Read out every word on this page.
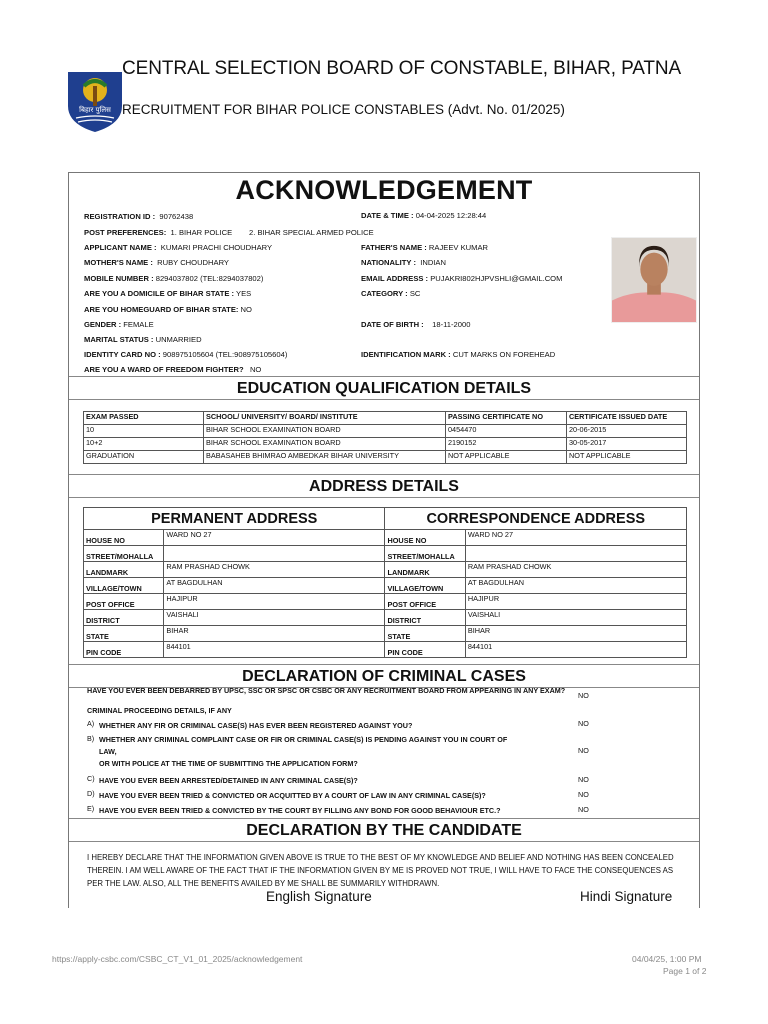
बिहार पुलिस
CENTRAL SELECTION BOARD OF CONSTABLE, BIHAR, PATNA
RECRUITMENT FOR BIHAR POLICE CONSTABLES (Advt. No. 01/2025)
ACKNOWLEDGEMENT
REGISTRATION ID : 90762438	DATE & TIME : 04-04-2025 12:28:44
POST PREFERENCES: 1. BIHAR POLICE 2. BIHAR SPECIAL ARMED POLICE
APPLICANT NAME : KUMARI PRACHI CHOUDHARY	FATHER'S NAME : RAJEEV KUMAR
MOTHER'S NAME : RUBY CHOUDHARY	NATIONALITY : INDIAN
MOBILE NUMBER : 8294037802 (TEL:8294037802)	EMAIL ADDRESS : PUJAKRI802HJPVSHLI@GMAIL.COM
ARE YOU A DOMICILE OF BIHAR STATE : YES	CATEGORY : SC
ARE YOU HOMEGUARD OF BIHAR STATE: NO
GENDER : FEMALE	DATE OF BIRTH : 18-11-2000
MARITAL STATUS : UNMARRIED
IDENTITY CARD NO : 908975105604 (TEL:908975105604)	IDENTIFICATION MARK : CUT MARKS ON FOREHEAD
ARE YOU A WARD OF FREEDOM FIGHTER? NO
EDUCATION QUALIFICATION DETAILS
EXAM PASSED	SCHOOL/ UNIVERSITY/ BOARD/ INSTITUTE	PASSING CERTIFICATE NO	CERTIFICATE ISSUED DATE
10	BIHAR SCHOOL EXAMINATION BOARD	0454470	20-06-2015
10+2	BIHAR SCHOOL EXAMINATION BOARD	2190152	30-05-2017
GRADUATION	BABASAHEB BHIMRAO AMBEDKAR BIHAR UNIVERSITY	NOT APPLICABLE	NOT APPLICABLE
ADDRESS DETAILS
PERMANENT ADDRESS		CORRESPONDENCE ADDRESS	
HOUSE NO	WARD NO 27	HOUSE NO	WARD NO 27
STREET/MOHALLA		STREET/MOHALLA	
LANDMARK	RAM PRASHAD CHOWK	LANDMARK	RAM PRASHAD CHOWK
VILLAGE/TOWN	AT BAGDULHAN	VILLAGE/TOWN	AT BAGDULHAN
POST OFFICE	HAJIPUR	POST OFFICE	HAJIPUR
DISTRICT	VAISHALI	DISTRICT	VAISHALI
STATE	BIHAR	STATE	BIHAR
PIN CODE	844101	PIN CODE	844101
DECLARATION OF CRIMINAL CASES
HAVE YOU EVER BEEN DEBARRED BY UPSC, SSC OR SPSC OR CSBC OR ANY RECRUITMENT BOARD FROM APPEARING IN ANY EXAM?
NO
CRIMINAL PROCEEDING DETAILS, IF ANY
A) WHETHER ANY FIR OR CRIMINAL CASE(S) HAS EVER BEEN REGISTERED AGAINST YOU?	NO
B) WHETHER ANY CRIMINAL COMPLAINT CASE OR FIR OR CRIMINAL CASE(S) IS PENDING AGAINST YOU IN COURT OF
LAW,
OR WITH POLICE AT THE TIME OF SUBMITTING THE APPLICATION FORM?
NO
C) HAVE YOU EVER BEEN ARRESTED/DETAINED IN ANY CRIMINAL CASE(S)?	NO
D) HAVE YOU EVER BEEN TRIED & CONVICTED OR ACQUITTED BY A COURT OF LAW IN ANY CRIMINAL CASE(S)?	NO
E) HAVE YOU EVER BEEN TRIED & CONVICTED BY THE COURT BY FILLING ANY BOND FOR GOOD BEHAVIOUR ETC.?	NO
DECLARATION BY THE CANDIDATE
I HEREBY DECLARE THAT THE INFORMATION GIVEN ABOVE IS TRUE TO THE BEST OF MY KNOWLEDGE AND BELIEF AND NOTHING HAS BEEN CONCEALED THEREIN. I AM WELL AWARE OF THE FACT THAT IF THE INFORMATION GIVEN BY ME IS PROVED NOT TRUE, I WILL HAVE TO FACE THE CONSEQUENCES AS PER THE LAW. ALSO, ALL THE BENEFITS AVAILED BY ME SHALL BE SUMMARILY WITHDRAWN.
English Signature	Hindi Signature
https://apply-csbc.com/CSBC_CT_V1_01_2025/acknowledgement	04/04/25, 1:00 PM
Page 1 of 2
